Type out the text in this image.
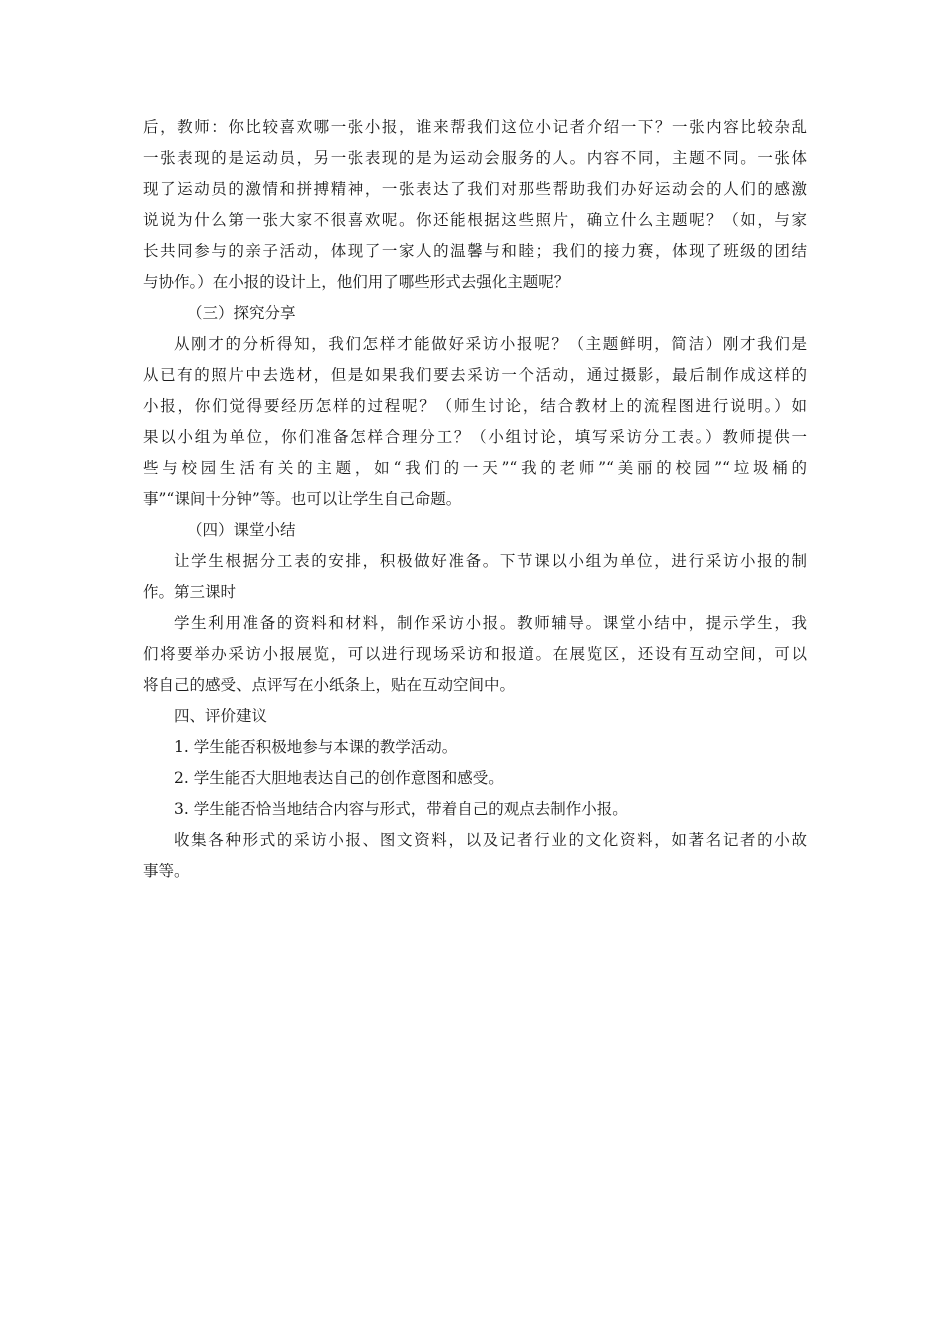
后，教师：你比较喜欢哪一张小报，谁来帮我们这位小记者介绍一下？一张内容比较杂乱
一张表现的是运动员，另一张表现的是为运动会服务的人。内容不同，主题不同。一张体
现了运动员的激情和拼搏精神，一张表达了我们对那些帮助我们办好运动会的人们的感激
说说为什么第一张大家不很喜欢呢。你还能根据这些照片，确立什么主题呢？（如，与家
长共同参与的亲子活动，体现了一家人的温馨与和睦；我们的接力赛，体现了班级的团结
与协作。）在小报的设计上，他们用了哪些形式去强化主题呢？
（三）探究分享
从刚才的分析得知，我们怎样才能做好采访小报呢？（主题鲜明，简洁）刚才我们是
从已有的照片中去选材，但是如果我们要去采访一个活动，通过摄影，最后制作成这样的
小报，你们觉得要经历怎样的过程呢？（师生讨论，结合教材上的流程图进行说明。）如
果以小组为单位，你们准备怎样合理分工？（小组讨论，填写采访分工表。）教师提供一
些与校园生活有关的主题，如“我们的一天”“我的老师”“美丽的校园”“垃圾桶的
事”“课间十分钟”等。也可以让学生自己命题。
（四）课堂小结
让学生根据分工表的安排，积极做好准备。下节课以小组为单位，进行采访小报的制
作。第三课时
学生利用准备的资料和材料，制作采访小报。教师辅导。课堂小结中，提示学生，我
们将要举办采访小报展览，可以进行现场采访和报道。在展览区，还设有互动空间，可以
将自己的感受、点评写在小纸条上，贴在互动空间中。
四、评价建议
1. 学生能否积极地参与本课的教学活动。
2. 学生能否大胆地表达自己的创作意图和感受。
3. 学生能否恰当地结合内容与形式，带着自己的观点去制作小报。
收集各种形式的采访小报、图文资料，以及记者行业的文化资料，如著名记者的小故
事等。
